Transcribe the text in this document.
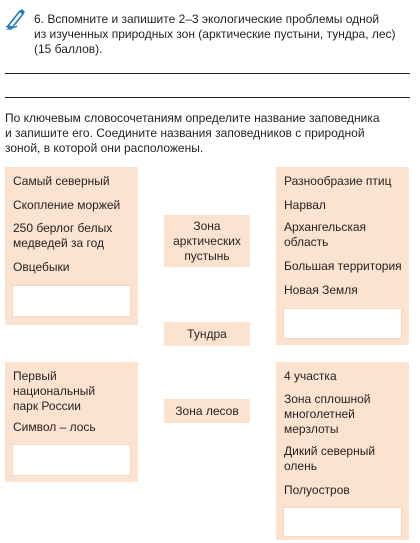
6. Вспомните и запишите 2–3 экологические проблемы одной
из изученных природных зон (арктические пустыни, тундра, лес)
(15 баллов).
По ключевым словосочетаниям определите название заповедника
и запишите его. Соедините названия заповедников с природной
зоной, в которой они расположены.
Самый северный
Скопление моржей
250 берлог белых
медведей за год
Овцебыки
Первый
национальный
парк России
Символ – лось
Зона
арктических
пустынь
Тундра
Зона лесов
Разнообразие птиц
Нарвал
Архангельская
область
Большая территория
Новая Земля
4 участка
Зона сплошной
многолетней
мерзлоты
Дикий северный
олень
Полуостров
